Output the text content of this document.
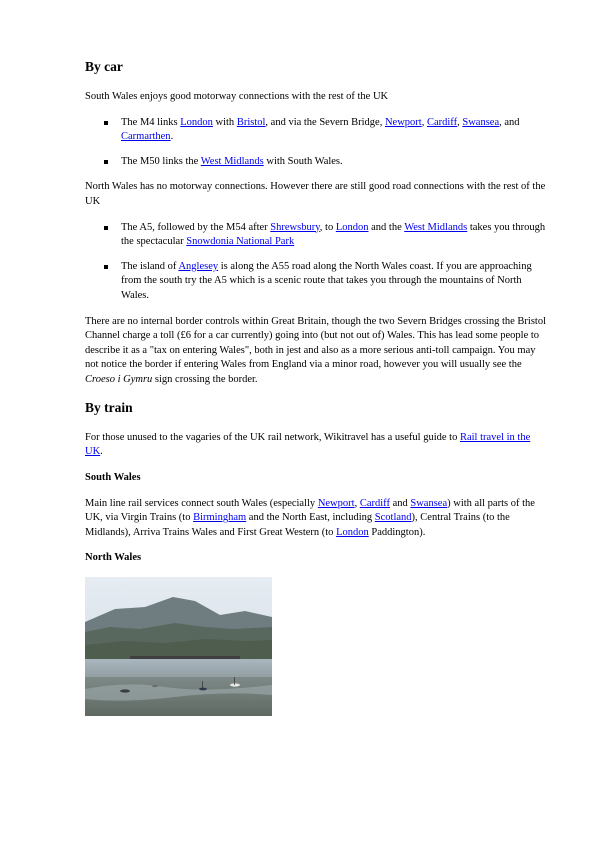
By car

South Wales enjoys good motorway connections with the rest of the UK

The M4 links London with Bristol, and via the Severn Bridge, Newport, Cardiff, Swansea, and Carmarthen.
The M50 links the West Midlands with South Wales.

North Wales has no motorway connections. However there are still good road connections with the rest of the UK

The A5, followed by the M54 after Shrewsbury, to London and the West Midlands takes you through the spectacular Snowdonia National Park
The island of Anglesey is along the A55 road along the North Wales coast. If you are approaching from the south try the A5 which is a scenic route that takes you through the mountains of North Wales.

There are no internal border controls within Great Britain, though the two Severn Bridges crossing the Bristol Channel charge a toll (£6 for a car currently) going into (but not out of) Wales. This has lead some people to describe it as a "tax on entering Wales", both in jest and also as a more serious anti-toll campaign. You may not notice the border if entering Wales from England via a minor road, however you will usually see the Croeso i Gymru sign crossing the border.

By train

For those unused to the vagaries of the UK rail network, Wikitravel has a useful guide to Rail travel in the UK.

South Wales

Main line rail services connect south Wales (especially Newport, Cardiff and Swansea) with all parts of the UK, via Virgin Trains (to Birmingham and the North East, including Scotland), Central Trains (to the Midlands), Arriva Trains Wales and First Great Western (to London Paddington).

North Wales
